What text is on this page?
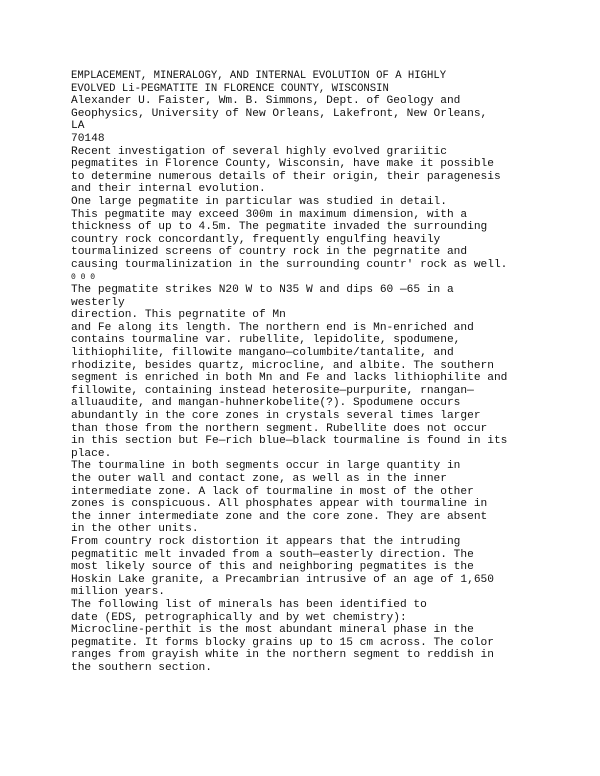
EMPLACEMENT, MINERALOGY, AND INTERNAL EVOLUTION OF A HIGHLY
EVOLVED Li-PEGMATITE IN FLORENCE COUNTY, WISCONSIN
Alexander U. Faister, Wm. B. Simmons, Dept. of Geology and
Geophysics, University of New Orleans, Lakefront, New Orleans,
LA
70148
Recent investigation of several highly evolved grariitic
pegmatites in Florence County, Wisconsin, have make it possible
to determine numerous details of their origin, their paragenesis
and their internal evolution.
One large pegmatite in particular was studied in detail.
This pegmatite may exceed 300m in maximum dimension, with a
thickness of up to 4.5m. The pegmatite invaded the surrounding
country rock concordantly, frequently engulfing heavily
tourmalinized screens of country rock in the pegrnatite and
causing tourmalinization in the surrounding countr' rock as well.
0 0 0
The pegmatite strikes N20 W to N35 W and dips 60 —65 in a
westerly
direction. This pegrnatite of Mn
and Fe along its length. The northern end is Mn-enriched and
contains tourmaline var. rubellite, lepidolite, spodumene,
lithiophilite, fillowite mangano—columbite/tantalite, and
rhodizite, besides quartz, microcline, and albite. The southern
segment is enriched in both Mn and Fe and lacks lithiophilite and
fillowite, containing instead heterosite—purpurite, rnangan—
alluaudite, and mangan-huhnerkobelite(?). Spodumene occurs
abundantly in the core zones in crystals several times larger
than those from the northern segment. Rubellite does not occur
in this section but Fe—rich blue—black tourmaline is found in its
place.
The tourmaline in both segments occur in large quantity in
the outer wall and contact zone, as well as in the inner
intermediate zone. A lack of tourmaline in most of the other
zones is conspicuous. All phosphates appear with tourmaline in
the inner intermediate zone and the core zone. They are absent
in the other units.
From country rock distortion it appears that the intruding
pegmatitic melt invaded from a south—easterly direction. The
most likely source of this and neighboring pegmatites is the
Hoskin Lake granite, a Precambrian intrusive of an age of 1,650
million years.
The following list of minerals has been identified to
date (EDS, petrographically and by wet chemistry):
Microcline-perthit is the most abundant mineral phase in the
pegmatite. It forms blocky grains up to 15 cm across. The color
ranges from grayish white in the northern segment to reddish in
the southern section.
